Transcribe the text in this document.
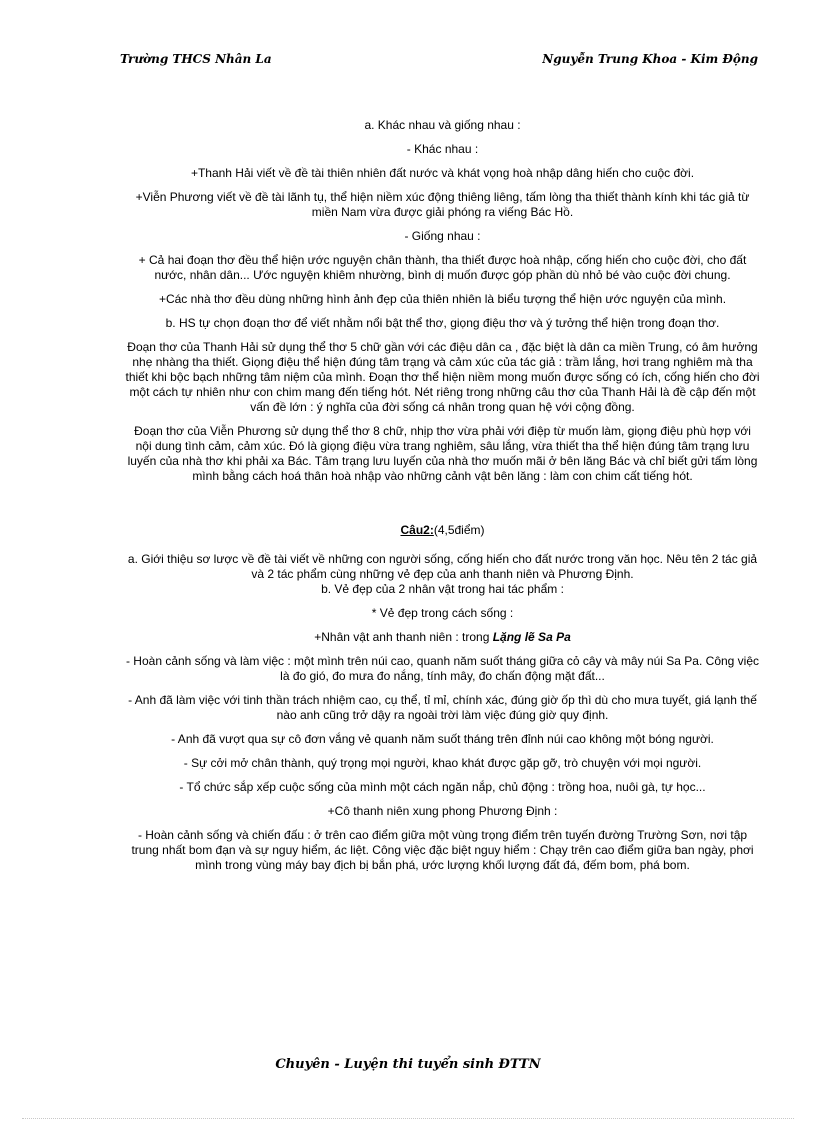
Trường THCS Nhân La	Nguyễn Trung Khoa - Kim Động

a. Khác nhau và giống nhau :

- Khác nhau :

+Thanh Hải viết về đề tài thiên nhiên đất nước và khát vọng hoà nhập dâng hiến cho cuộc đời.

+Viễn Phương viết về đề tài lãnh tụ, thể hiện niềm xúc động thiêng liêng, tấm lòng tha thiết thành kính khi tác giả từ miền Nam vừa được giải phóng ra viếng Bác Hồ.

- Giống nhau :

+ Cả hai đoạn thơ đều thể hiện ước nguyện chân thành, tha thiết được hoà nhập, cống hiến cho cuộc đời, cho đất nước, nhân dân... Ước nguyện khiêm nhường, bình dị muốn được góp phần dù nhỏ bé vào cuộc đời chung.

+Các nhà thơ đều dùng những hình ảnh đẹp của thiên nhiên là biểu tượng thể hiện ước nguyện của mình.

b. HS tự chọn đoạn thơ để viết nhằm nổi bật thể thơ, giọng điệu thơ và ý tưởng thể hiện trong đoạn thơ.

Đoạn thơ của Thanh Hải sử dụng thể thơ 5 chữ gần với các điệu dân ca , đặc biệt là dân ca miền Trung, có âm hưởng nhẹ nhàng tha thiết. Giọng điệu thể hiện đúng tâm trạng và cảm xúc của tác giả : trầm lắng, hơi trang nghiêm mà tha thiết khi bộc bạch những tâm niệm của mình. Đoạn thơ thể hiện niềm mong muốn được sống có ích, cống hiến cho đời một cách tự nhiên như con chim mang đến tiếng hót. Nét riêng trong những câu thơ của Thanh Hải là đề cập đến một vấn đề lớn : ý nghĩa của đời sống cá nhân trong quan hệ với cộng đồng.

Đoạn thơ của Viễn Phương sử dụng thể thơ 8 chữ, nhịp thơ vừa phải với điệp từ muốn làm, giọng điệu phù hợp với nội dung tình cảm, cảm xúc. Đó là giọng điệu vừa trang nghiêm, sâu lắng, vừa thiết tha thể hiện đúng tâm trạng lưu luyến của nhà thơ khi phải xa Bác. Tâm trạng lưu luyến của nhà thơ muốn mãi ở bên lăng Bác và chỉ biết gửi tấm lòng mình bằng cách hoá thân hoà nhập vào những cảnh vật bên lăng : làm con chim cất tiếng hót.

Câu2:(4,5điểm)

a. Giới thiệu sơ lược về đề tài viết về những con người sống, cống hiến cho đất nước trong văn học. Nêu tên 2 tác giả và 2 tác phẩm cùng những vẻ đẹp của anh thanh niên và Phương Định.
b. Vẻ đẹp của 2 nhân vật trong hai tác phẩm :

* Vẻ đẹp trong cách sống :

+Nhân vật anh thanh niên : trong Lặng lẽ Sa Pa

- Hoàn cảnh sống và làm việc : một mình trên núi cao, quanh năm suốt tháng giữa cỏ cây và mây núi Sa Pa. Công việc là đo gió, đo mưa đo nắng, tính mây, đo chấn động mặt đất...

- Anh đã làm việc với tinh thần trách nhiệm cao, cụ thể, tỉ mỉ, chính xác, đúng giờ ốp thì dù cho mưa tuyết, giá lạnh thế nào anh cũng trở dậy ra ngoài trời làm việc đúng giờ quy định.

- Anh đã vượt qua sự cô đơn vắng vẻ quanh năm suốt tháng trên đỉnh núi cao không một bóng người.

- Sự cởi mở chân thành, quý trọng mọi người, khao khát được gặp gỡ, trò chuyện với mọi người.

- Tổ chức sắp xếp cuộc sống của mình một cách ngăn nắp, chủ động : trồng hoa, nuôi gà, tự học...

+Cô thanh niên xung phong Phương Định :

- Hoàn cảnh sống và chiến đấu : ở trên cao điểm giữa một vùng trọng điểm trên tuyến đường Trường Sơn, nơi tập trung nhất bom đạn và sự nguy hiểm, ác liệt. Công việc đặc biệt nguy hiểm : Chạy trên cao điểm giữa ban ngày, phơi mình trong vùng máy bay địch bị bắn phá, ước lượng khối lượng đất đá, đếm bom, phá bom.

Chuyên - Luyện thi tuyển sinh ĐTTN
